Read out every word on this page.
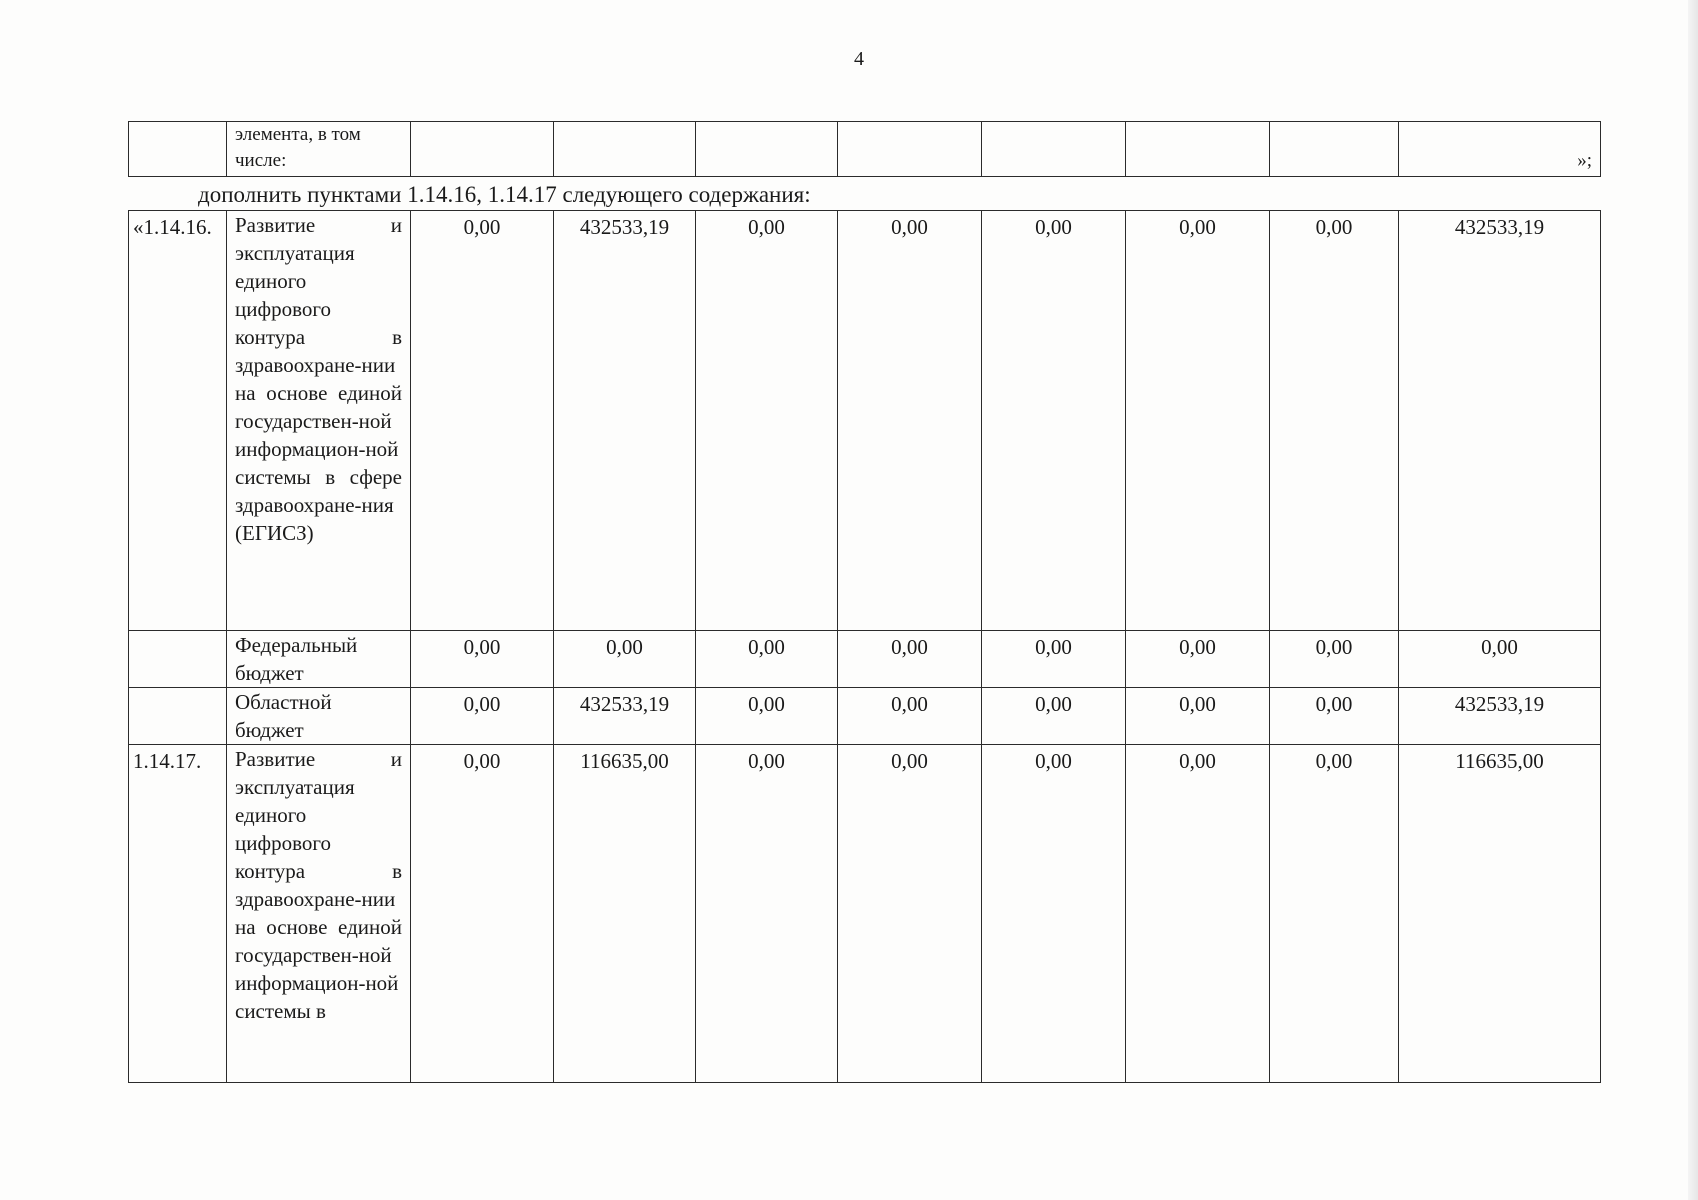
4
	элемента, в том
числе:								»;
дополнить пунктами 1.14.16, 1.14.17 следующего содержания:
«1.14.16.	Развитие и эксплуатация единого цифрового контура в здравоохране-нии на основе единой государствен-ной информацион-ной системы в сфере здравоохране-ния (ЕГИСЗ)	0,00	432533,19	0,00	0,00	0,00	0,00	0,00	432533,19
	Федеральный бюджет	0,00	0,00	0,00	0,00	0,00	0,00	0,00	0,00
	Областной бюджет	0,00	432533,19	0,00	0,00	0,00	0,00	0,00	432533,19
1.14.17.	Развитие и эксплуатация единого цифрового контура в здравоохране-нии на основе единой государствен-ной информацион-ной системы в	0,00	116635,00	0,00	0,00	0,00	0,00	0,00	116635,00
